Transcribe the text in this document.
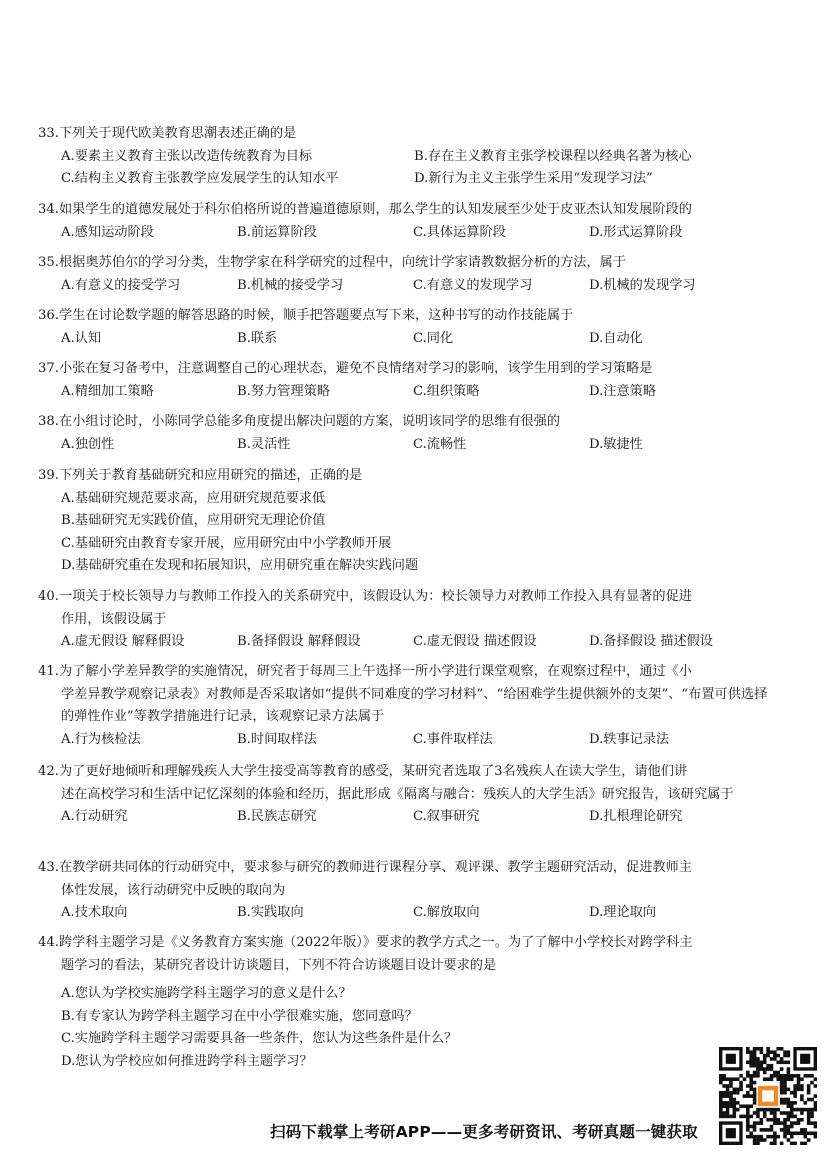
33.下列关于现代欧美教育思潮表述正确的是
A.要素主义教育主张以改造传统教育为目标	B.存在主义教育主张学校课程以经典名著为核心
C.结构主义教育主张教学应发展学生的认知水平	D.新行为主义主张学生采用“发现学习法”
34.如果学生的道德发展处于科尔伯格所说的普遍道德原则，那么学生的认知发展至少处于皮亚杰认知发展阶段的
A.感知运动阶段	B.前运算阶段	C.具体运算阶段	D.形式运算阶段
35.根据奥苏伯尔的学习分类，生物学家在科学研究的过程中，向统计学家请教数据分析的方法，属于
A.有意义的接受学习	B.机械的接受学习	C.有意义的发现学习	D.机械的发现学习
36.学生在讨论数学题的解答思路的时候，顺手把答题要点写下来，这种书写的动作技能属于
A.认知	B.联系	C.同化	D.自动化
37.小张在复习备考中，注意调整自己的心理状态，避免不良情绪对学习的影响，该学生用到的学习策略是
A.精细加工策略	B.努力管理策略	C.组织策略	D.注意策略
38.在小组讨论时，小陈同学总能多角度提出解决问题的方案，说明该同学的思维有很强的
A.独创性	B.灵活性	C.流畅性	D.敏捷性
39.下列关于教育基础研究和应用研究的描述，正确的是
A.基础研究规范要求高，应用研究规范要求低
B.基础研究无实践价值，应用研究无理论价值
C.基础研究由教育专家开展，应用研究由中小学教师开展
D.基础研究重在发现和拓展知识，应用研究重在解决实践问题
40.一项关于校长领导力与教师工作投入的关系研究中，该假设认为：校长领导力对教师工作投入具有显著的促进
作用，该假设属于
A.虚无假设 解释假设	B.备择假设 解释假设	C.虚无假设 描述假设	D.备择假设 描述假设
41.为了解小学差异教学的实施情况，研究者于每周三上午选择一所小学进行课堂观察，在观察过程中，通过《小
学差异教学观察记录表》对教师是否采取诸如“提供不同难度的学习材料”、“给困难学生提供额外的支架”、“布置可供选择的弹性作业”等教学措施进行记录，该观察记录方法属于
A.行为核检法	B.时间取样法	C.事件取样法	D.轶事记录法
42.为了更好地倾听和理解残疾人大学生接受高等教育的感受，某研究者选取了3名残疾人在读大学生，请他们讲
述在高校学习和生活中记忆深刻的体验和经历，据此形成《隔离与融合：残疾人的大学生活》研究报告，该研究属于
A.行动研究	B.民族志研究	C.叙事研究	D.扎根理论研究
43.在教学研共同体的行动研究中，要求参与研究的教师进行课程分享、观评课、教学主题研究活动，促进教师主
体性发展，该行动研究中反映的取向为
A.技术取向	B.实践取向	C.解放取向	D.理论取向
44.跨学科主题学习是《义务教育方案实施（2022年版）》要求的教学方式之一。为了了解中小学校长对跨学科主
题学习的看法，某研究者设计访谈题目，下列不符合访谈题目设计要求的是
A.您认为学校实施跨学科主题学习的意义是什么？
B.有专家认为跨学科主题学习在中小学很难实施，您同意吗？
C.实施跨学科主题学习需要具备一些条件，您认为这些条件是什么？
D.您认为学校应如何推进跨学科主题学习？
扫码下载掌上考研APP——更多考研资讯、考研真题一键获取
